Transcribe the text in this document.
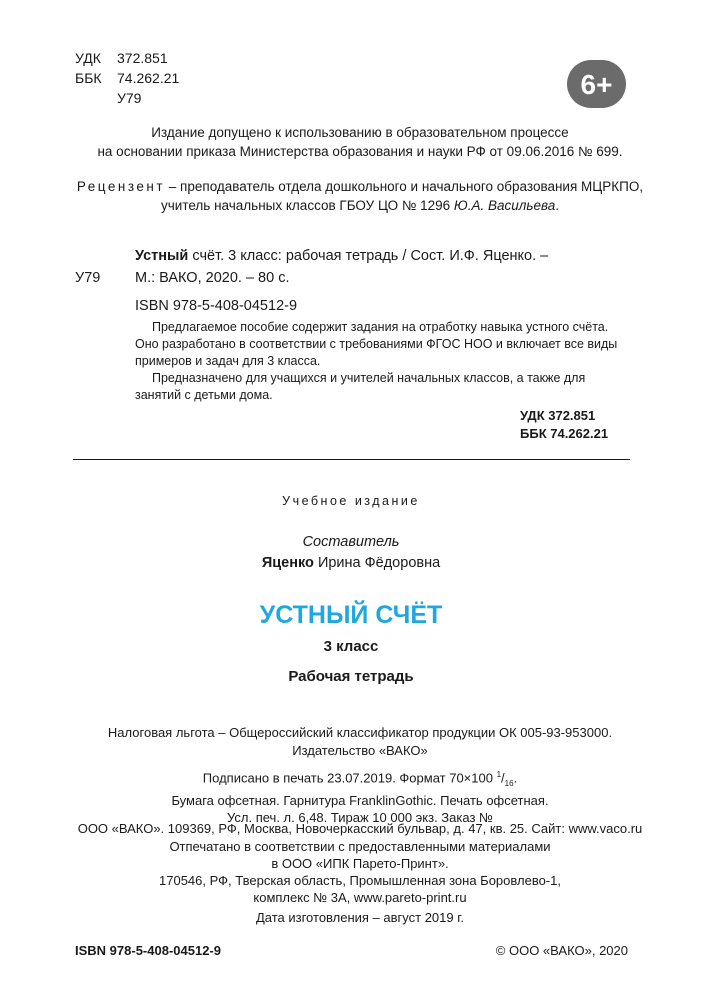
УДК 372.851
ББК 74.262.21
У79	6+
Издание допущено к использованию в образовательном процессе
на основании приказа Министерства образования и науки РФ от 09.06.2016 № 699.
Рецензент – преподаватель отдела дошкольного и начального образования МЦРКПО,
учитель начальных классов ГБОУ ЦО № 1296 Ю.А. Васильева.
Устный счёт. 3 класс: рабочая тетрадь / Сост. И.Ф. Яценко. –
У79 М.: ВАКО, 2020. – 80 с.
ISBN 978-5-408-04512-9

Предлагаемое пособие содержит задания на отработку навыка устного счёта. Оно разработано в соответствии с требованиями ФГОС НОО и включает все виды примеров и задач для 3 класса.

Предназначено для учащихся и учителей начальных классов, а также для занятий с детьми дома.

УДК 372.851
ББК 74.262.21
Учебное издание
Составитель
Яценко Ирина Фёдоровна
УСТНЫЙ СЧЁТ
3 класс
Рабочая тетрадь
Налоговая льгота – Общероссийский классификатор продукции ОК 005-93-953000.
Издательство «ВАКО»
Подписано в печать 23.07.2019. Формат 70×100 $^1/_{16}$.
Бумага офсетная. Гарнитура FranklinGothic. Печать офсетная.
Усл. печ. л. 6,48. Тираж 10 000 экз. Заказ №
ООО «ВАКО». 109369, РФ, Москва, Новочеркасский бульвар, д. 47, кв. 25. Сайт: www.vaco.ru
Отпечатано в соответствии с предоставленными материалами
в ООО «ИПК Парето-Принт».
170546, РФ, Тверская область, Промышленная зона Боровлево-1,
комплекс № 3А, www.pareto-print.ru
Дата изготовления – август 2019 г.
ISBN 978-5-408-04512-9	© ООО «ВАКО», 2020
